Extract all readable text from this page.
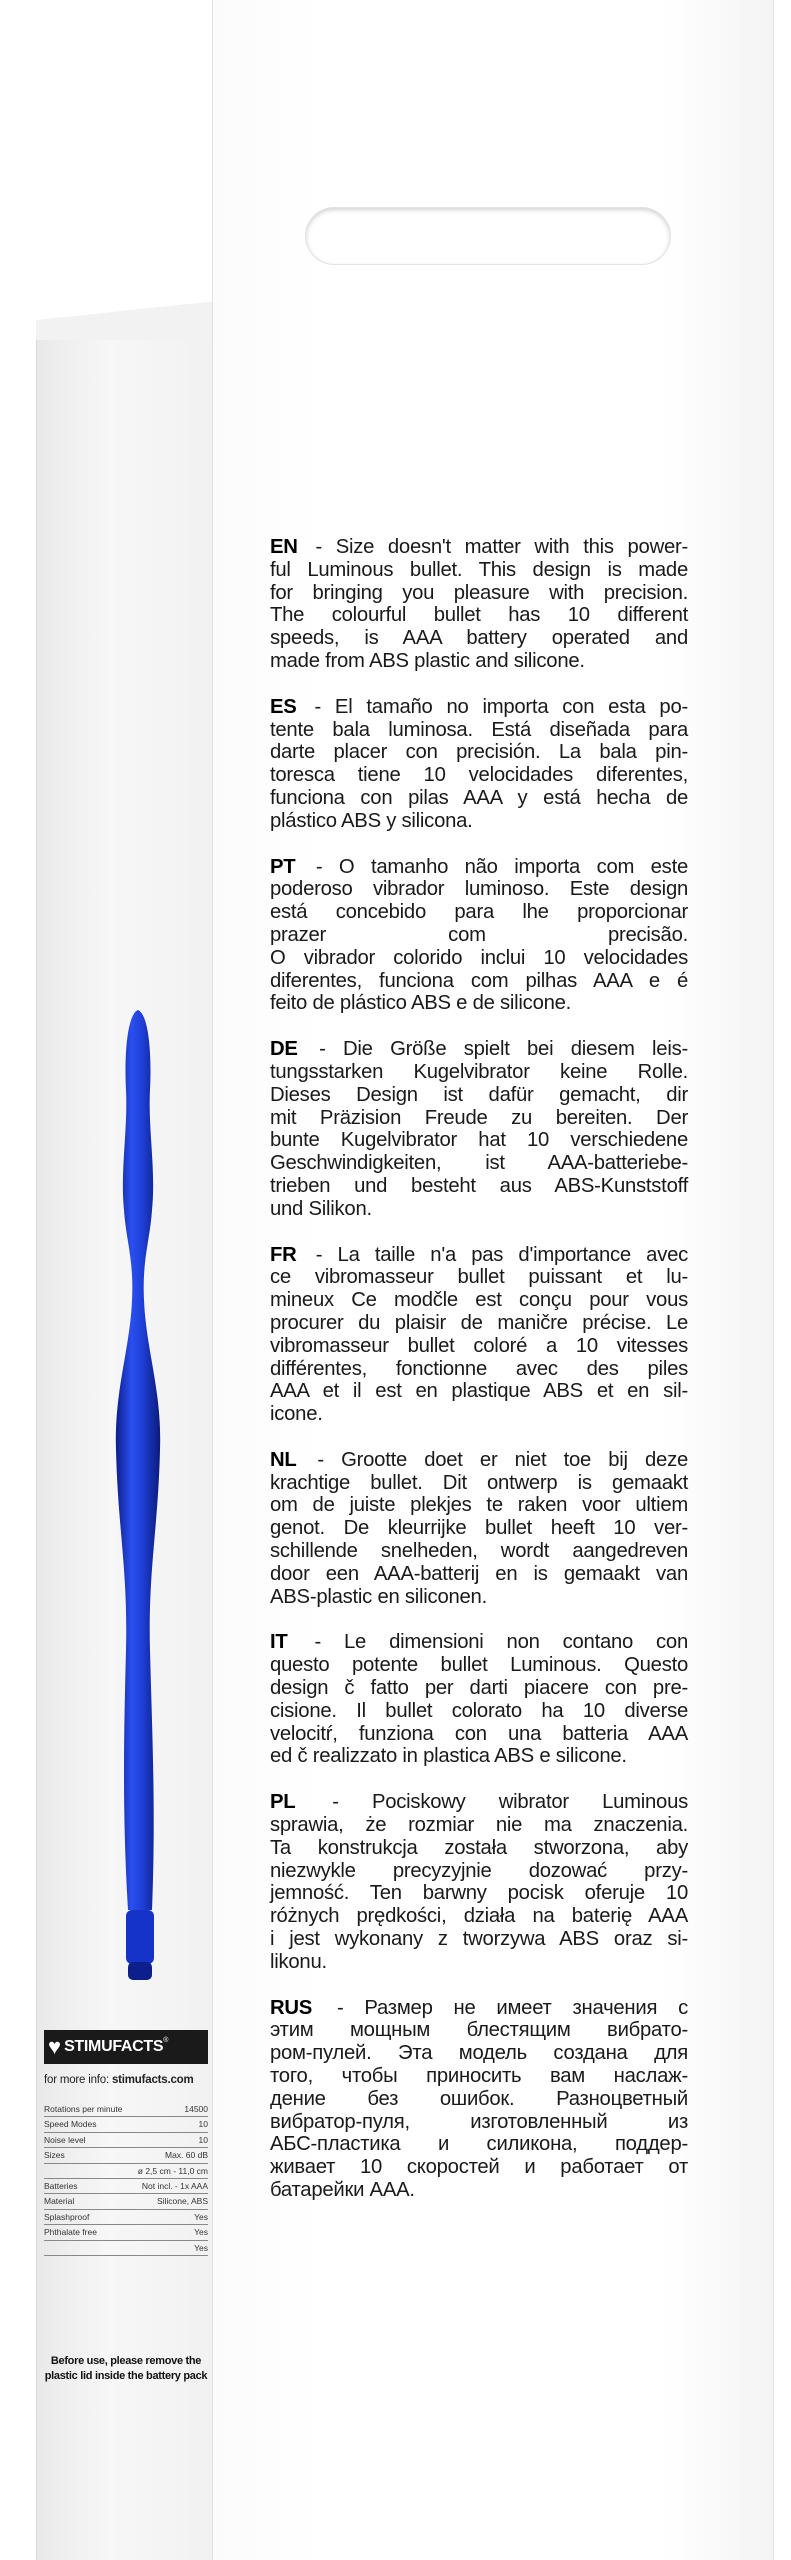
♥ STIMUFACTS ®
for more info: stimufacts.com
Rotations per minute	14500
Speed Modes	10
Noise level	10
Sizes	Max. 60 dB
ø 2,5 cm - 11,0 cm
Batteries	Not incl. - 1x AAA
Material	Silicone, ABS
Splashproof	Yes
Phthalate free	Yes
Yes
Before use, please remove the plastic lid inside the battery pack

EN - Size doesn't matter with this power-
ful Luminous bullet. This design is made
for bringing you pleasure with precision.
The colourful bullet has 10 different
speeds, is AAA battery operated and
made from ABS plastic and silicone.

ES - El tamaño no importa con esta po-
tente bala luminosa. Está diseñada para
darte placer con precisión. La bala pin-
toresca tiene 10 velocidades diferentes,
funciona con pilas AAA y está hecha de
plástico ABS y silicona.

PT - O tamanho não importa com este
poderoso vibrador luminoso. Este design
está concebido para lhe proporcionar
prazer com precisão.
O vibrador colorido inclui 10 velocidades
diferentes, funciona com pilhas AAA e é
feito de plástico ABS e de silicone.

DE - Die Größe spielt bei diesem leis-
tungsstarken Kugelvibrator keine Rolle.
Dieses Design ist dafür gemacht, dir
mit Präzision Freude zu bereiten. Der
bunte Kugelvibrator hat 10 verschiedene
Geschwindigkeiten, ist AAA-batteriebe-
trieben und besteht aus ABS-Kunststoff
und Silikon.

FR - La taille n'a pas d'importance avec
ce vibromasseur bullet puissant et lu-
mineux Ce modčle est conçu pour vous
procurer du plaisir de maničre précise. Le
vibromasseur bullet coloré a 10 vitesses
différentes, fonctionne avec des piles
AAA et il est en plastique ABS et en sil-
icone.

NL - Grootte doet er niet toe bij deze
krachtige bullet. Dit ontwerp is gemaakt
om de juiste plekjes te raken voor ultiem
genot. De kleurrijke bullet heeft 10 ver-
schillende snelheden, wordt aangedreven
door een AAA-batterij en is gemaakt van
ABS-plastic en siliconen.

IT - Le dimensioni non contano con
questo potente bullet Luminous. Questo
design č fatto per darti piacere con pre-
cisione. Il bullet colorato ha 10 diverse
velocitŕ, funziona con una batteria AAA
ed č realizzato in plastica ABS e silicone.

PL - Pociskowy wibrator Luminous
sprawia, że rozmiar nie ma znaczenia.
Ta konstrukcja została stworzona, aby
niezwykle precyzyjnie dozować przy-
jemność. Ten barwny pocisk oferuje 10
różnych prędkości, działa na baterię AAA
i jest wykonany z tworzywa ABS oraz si-
likonu.

RUS - Размер не имеет значения с
этим мощным блестящим вибрато-
ром-пулей. Эта модель создана для
того, чтобы приносить вам наслаж-
дение без ошибок. Разноцветный
вибратор-пуля, изготовленный из
АБС-пластика и силикона, поддер-
живает 10 скоростей и работает от
батарейки ААА.
